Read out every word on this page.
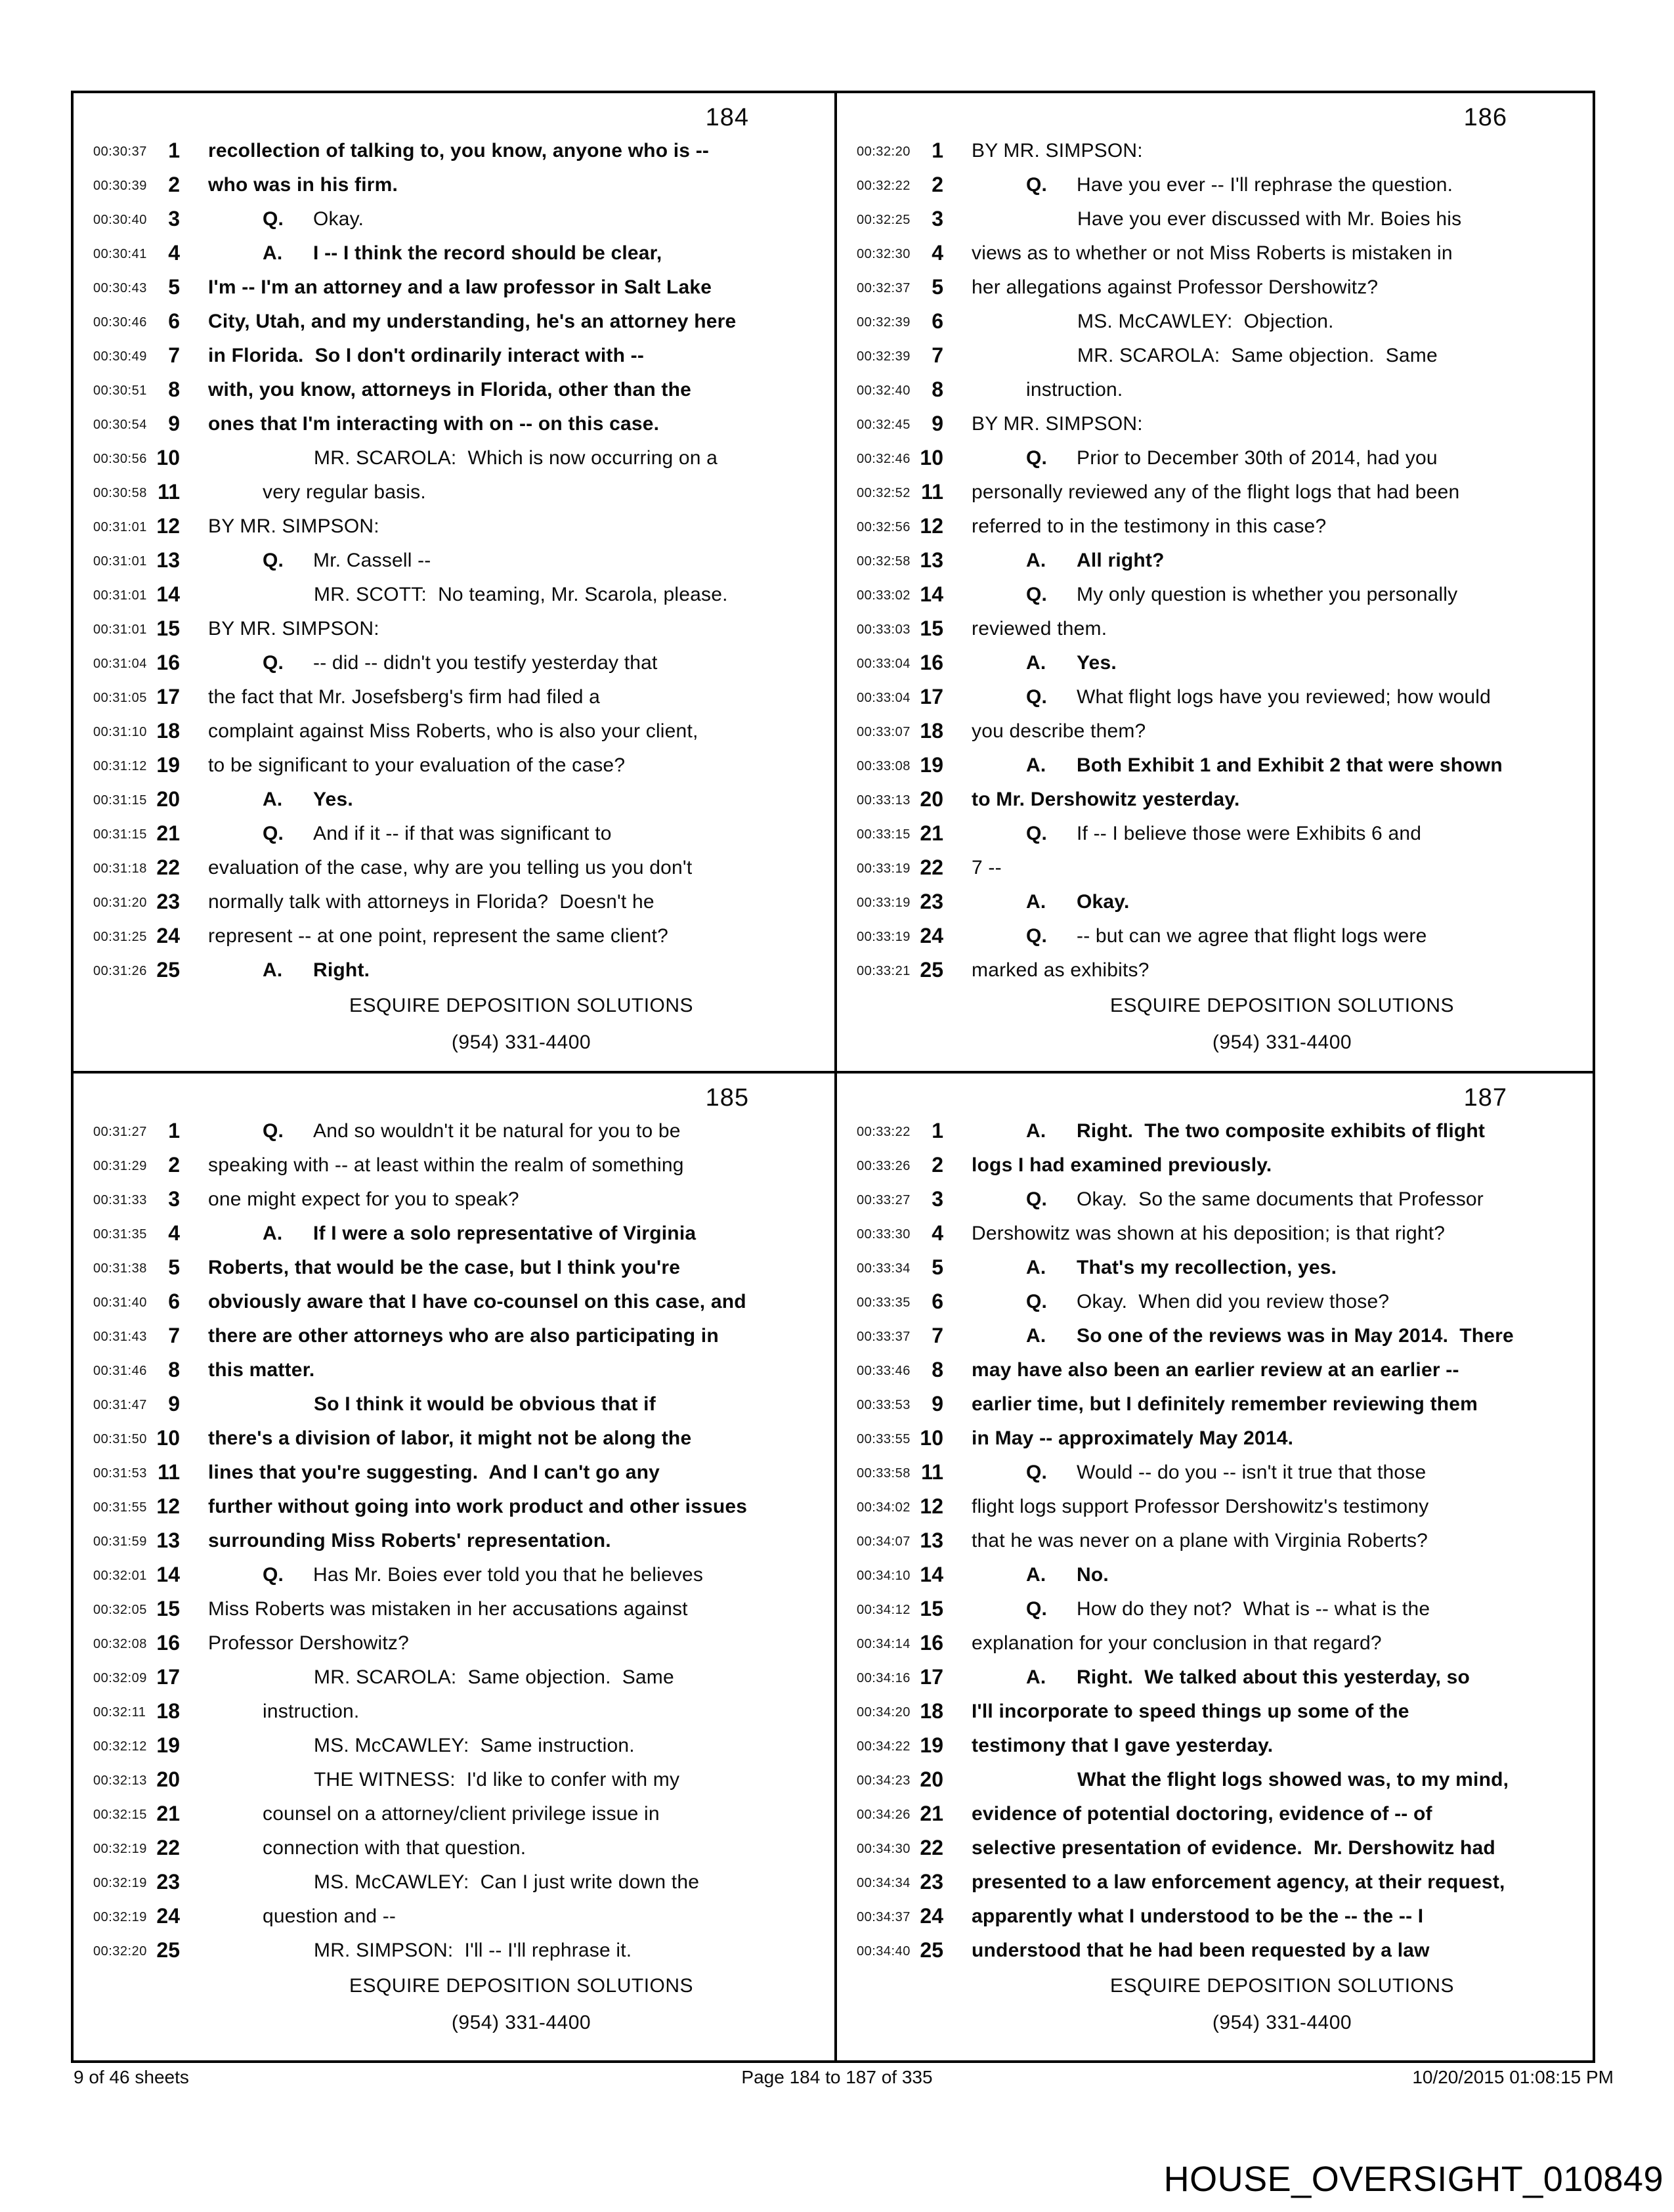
184
00:30:37	1 recollection of talking to, you know, anyone who is --
00:30:39	2 who was in his firm.
00:30:40	3	Q. Okay.
00:30:41	4	A. I -- I think the record should be clear,
00:30:43	5 I'm -- I'm an attorney and a law professor in Salt Lake
00:30:46	6 City, Utah, and my understanding, he's an attorney here
00:30:49	7 in Florida.  So I don't ordinarily interact with --
00:30:51	8 with, you know, attorneys in Florida, other than the
00:30:54	9 ones that I'm interacting with on -- on this case.
00:30:56 10	MR. SCAROLA:  Which is now occurring on a
00:30:58 11	very regular basis.
00:31:01 12 BY MR. SIMPSON:
00:31:01 13	Q. Mr. Cassell --
00:31:01 14	MR. SCOTT:  No teaming, Mr. Scarola, please.
00:31:01 15 BY MR. SIMPSON:
00:31:04 16	Q. -- did -- didn't you testify yesterday that
00:31:05 17 the fact that Mr. Josefsberg's firm had filed a
00:31:10 18 complaint against Miss Roberts, who is also your client,
00:31:12 19 to be significant to your evaluation of the case?
00:31:15 20	A. Yes.
00:31:15 21	Q. And if it -- if that was significant to
00:31:18 22 evaluation of the case, why are you telling us you don't
00:31:20 23 normally talk with attorneys in Florida?  Doesn't he
00:31:25 24 represent -- at one point, represent the same client?
00:31:26 25	A. Right.
ESQUIRE DEPOSITION SOLUTIONS
(954) 331-4400
186
00:32:20	1 BY MR. SIMPSON:
00:32:22	2	Q. Have you ever -- I'll rephrase the question.
00:32:25	3	Have you ever discussed with Mr. Boies his
00:32:30	4 views as to whether or not Miss Roberts is mistaken in
00:32:37	5 her allegations against Professor Dershowitz?
00:32:39	6	MS. McCAWLEY:  Objection.
00:32:39	7	MR. SCAROLA:  Same objection.  Same
00:32:40	8	instruction.
00:32:45	9 BY MR. SIMPSON:
00:32:46 10	Q. Prior to December 30th of 2014, had you
00:32:52 11 personally reviewed any of the flight logs that had been
00:32:56 12 referred to in the testimony in this case?
00:32:58 13	A. All right?
00:33:02 14	Q. My only question is whether you personally
00:33:03 15 reviewed them.
00:33:04 16	A. Yes.
00:33:04 17	Q. What flight logs have you reviewed; how would
00:33:07 18 you describe them?
00:33:08 19	A. Both Exhibit 1 and Exhibit 2 that were shown
00:33:13 20 to Mr. Dershowitz yesterday.
00:33:15 21	Q. If -- I believe those were Exhibits 6 and
00:33:19 22 7 --
00:33:19 23	A. Okay.
00:33:19 24	Q. -- but can we agree that flight logs were
00:33:21 25 marked as exhibits?
ESQUIRE DEPOSITION SOLUTIONS
(954) 331-4400
185
00:31:27	1	Q. And so wouldn't it be natural for you to be
00:31:29	2 speaking with -- at least within the realm of something
00:31:33	3 one might expect for you to speak?
00:31:35	4	A. If I were a solo representative of Virginia
00:31:38	5 Roberts, that would be the case, but I think you're
00:31:40	6 obviously aware that I have co-counsel on this case, and
00:31:43	7 there are other attorneys who are also participating in
00:31:46	8 this matter.
00:31:47	9	So I think it would be obvious that if
00:31:50 10 there's a division of labor, it might not be along the
00:31:53 11 lines that you're suggesting.  And I can't go any
00:31:55 12 further without going into work product and other issues
00:31:59 13 surrounding Miss Roberts' representation.
00:32:01 14	Q. Has Mr. Boies ever told you that he believes
00:32:05 15 Miss Roberts was mistaken in her accusations against
00:32:08 16 Professor Dershowitz?
00:32:09 17	MR. SCAROLA:  Same objection.  Same
00:32:11 18	instruction.
00:32:12 19	MS. McCAWLEY:  Same instruction.
00:32:13 20	THE WITNESS:  I'd like to confer with my
00:32:15 21	counsel on a attorney/client privilege issue in
00:32:19 22	connection with that question.
00:32:19 23	MS. McCAWLEY:  Can I just write down the
00:32:19 24	question and --
00:32:20 25	MR. SIMPSON:  I'll -- I'll rephrase it.
ESQUIRE DEPOSITION SOLUTIONS
(954) 331-4400
187
00:33:22	1	A. Right.  The two composite exhibits of flight
00:33:26	2 logs I had examined previously.
00:33:27	3	Q. Okay.  So the same documents that Professor
00:33:30	4 Dershowitz was shown at his deposition; is that right?
00:33:34	5	A. That's my recollection, yes.
00:33:35	6	Q. Okay.  When did you review those?
00:33:37	7	A. So one of the reviews was in May 2014.  There
00:33:46	8 may have also been an earlier review at an earlier --
00:33:53	9 earlier time, but I definitely remember reviewing them
00:33:55 10 in May -- approximately May 2014.
00:33:58 11	Q. Would -- do you -- isn't it true that those
00:34:02 12 flight logs support Professor Dershowitz's testimony
00:34:07 13 that he was never on a plane with Virginia Roberts?
00:34:10 14	A. No.
00:34:12 15	Q. How do they not?  What is -- what is the
00:34:14 16 explanation for your conclusion in that regard?
00:34:16 17	A. Right.  We talked about this yesterday, so
00:34:20 18 I'll incorporate to speed things up some of the
00:34:22 19 testimony that I gave yesterday.
00:34:23 20	What the flight logs showed was, to my mind,
00:34:26 21 evidence of potential doctoring, evidence of -- of
00:34:30 22 selective presentation of evidence.  Mr. Dershowitz had
00:34:34 23 presented to a law enforcement agency, at their request,
00:34:37 24 apparently what I understood to be the -- the -- I
00:34:40 25 understood that he had been requested by a law
ESQUIRE DEPOSITION SOLUTIONS
(954) 331-4400
9 of 46 sheets	Page 184 to 187 of 335	10/20/2015 01:08:15 PM
HOUSE_OVERSIGHT_010849
